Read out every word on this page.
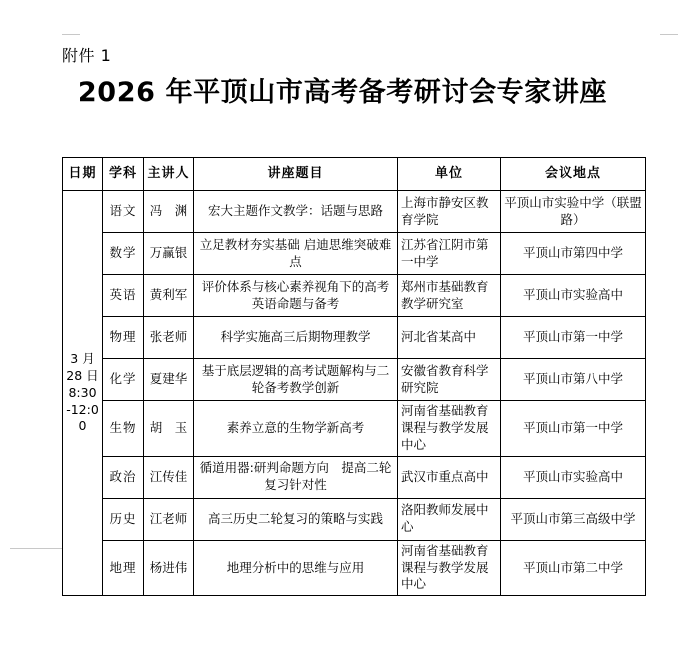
附件 1
2026 年平顶山市高考备考研讨会专家讲座
日期	学科	主讲人	讲座题目	单位	会议地点
3 月 28 日 8:30 -12:00	语文	冯　渊	宏大主题作文教学：话题与思路	上海市静安区教育学院	平顶山市实验中学（联盟路）
	数学	万赢银	立足教材夯实基础 启迪思维突破难点	江苏省江阴市第一中学	平顶山市第四中学
	英语	黄利军	评价体系与核心素养视角下的高考英语命题与备考	郑州市基础教育教学研究室	平顶山市实验高中
	物理	张老师	科学实施高三后期物理教学	河北省某高中	平顶山市第一中学
	化学	夏建华	基于底层逻辑的高考试题解构与二轮备考教学创新	安徽省教育科学研究院	平顶山市第八中学
	生物	胡　玉	素养立意的生物学新高考	河南省基础教育课程与教学发展中心	平顶山市第一中学
	政治	江传佳	循道用器:研判命题方向　提高二轮复习针对性	武汉市重点高中	平顶山市实验高中
	历史	江老师	高三历史二轮复习的策略与实践	洛阳教师发展中心	平顶山市第三高级中学
	地理	杨进伟	地理分析中的思维与应用	河南省基础教育课程与教学发展中心	平顶山市第二中学
